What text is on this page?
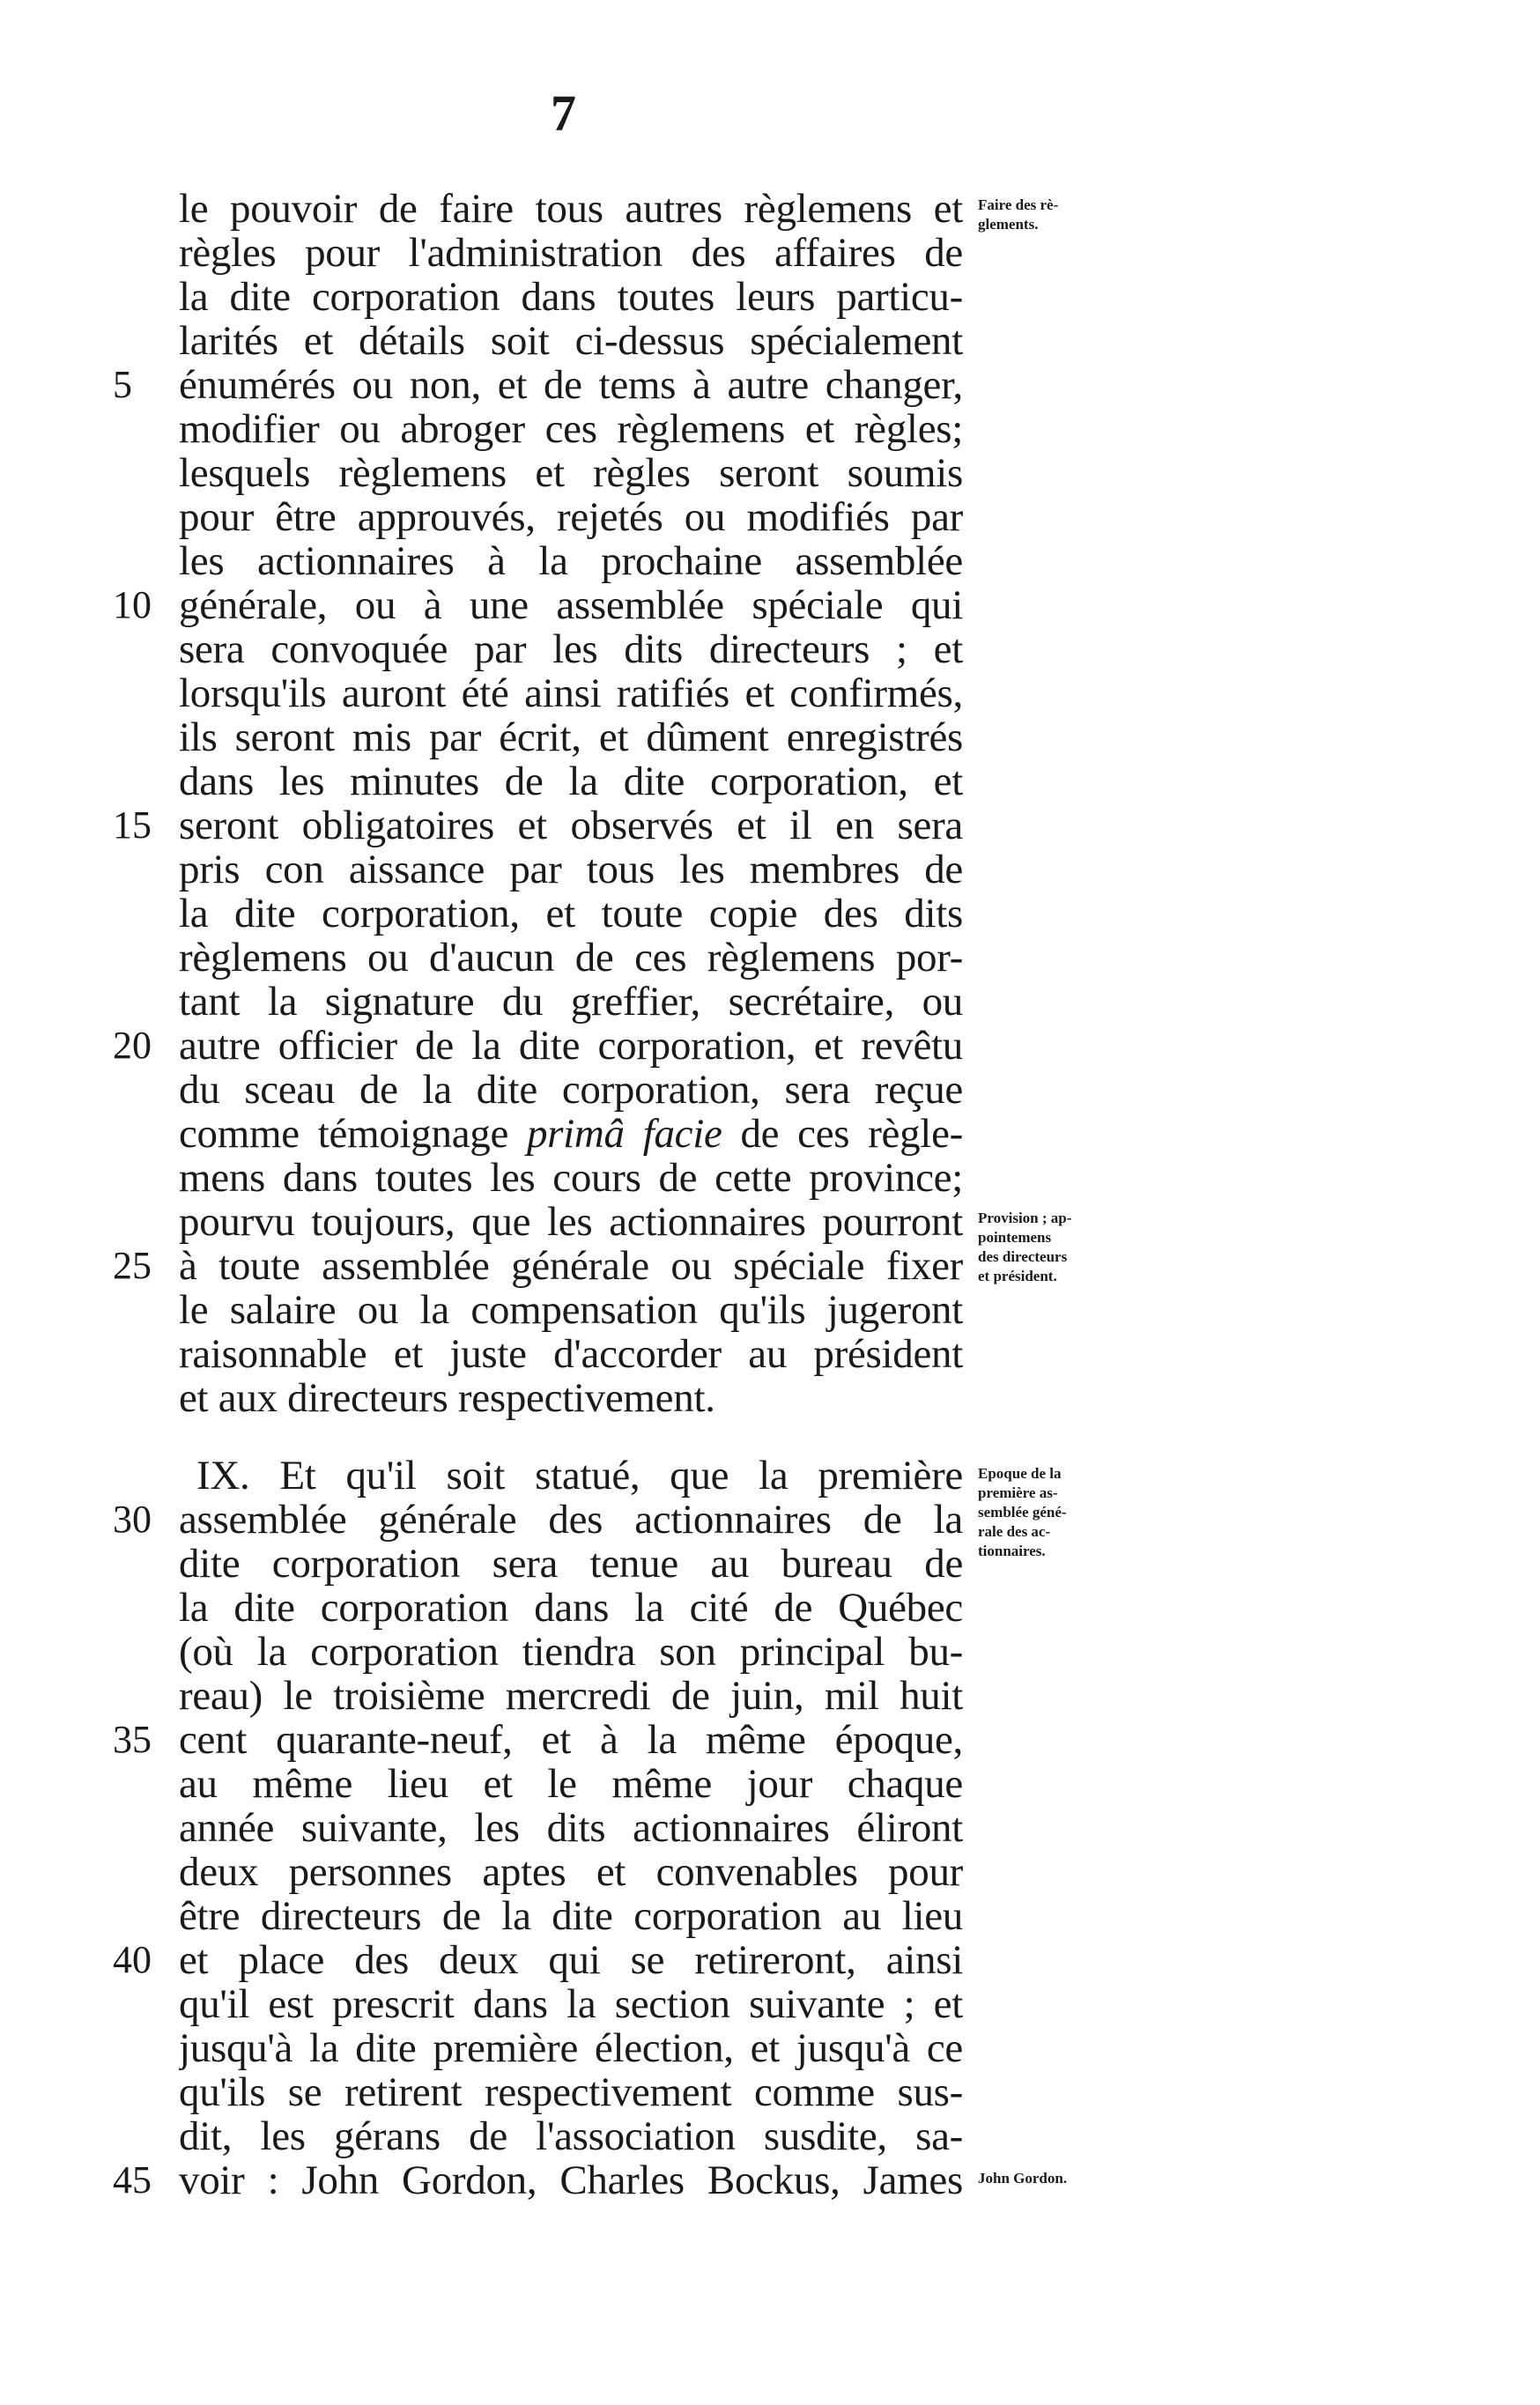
7
le pouvoir de faire tous autres règlemens et
règles pour l'administration des affaires de
la dite corporation dans toutes leurs particu-
larités et détails soit ci-dessus spécialement
énumérés ou non, et de tems à autre changer,
modifier ou abroger ces règlemens et règles;
lesquels règlemens et règles seront soumis
pour être approuvés, rejetés ou modifiés par
les actionnaires à la prochaine assemblée
générale, ou à une assemblée spéciale qui
sera convoquée par les dits directeurs ; et
lorsqu'ils auront été ainsi ratifiés et confirmés,
ils seront mis par écrit, et dûment enregistrés
dans les minutes de la dite corporation, et
seront obligatoires et observés et il en sera
pris con aissance par tous les membres de
la dite corporation, et toute copie des dits
règlemens ou d'aucun de ces règlemens por-
tant la signature du greffier, secrétaire, ou
autre officier de la dite corporation, et revêtu
du sceau de la dite corporation, sera reçue
comme témoignage primâ facie de ces règle-
mens dans toutes les cours de cette province;
pourvu toujours, que les actionnaires pourront
à toute assemblée générale ou spéciale fixer
le salaire ou la compensation qu'ils jugeront
raisonnable et juste d'accorder au président
et aux directeurs respectivement.
IX. Et qu'il soit statué, que la première
assemblée générale des actionnaires de la
dite corporation sera tenue au bureau de
la dite corporation dans la cité de Québec
(où la corporation tiendra son principal bu-
reau) le troisième mercredi de juin, mil huit
cent quarante-neuf, et à la même époque,
au même lieu et le même jour chaque
année suivante, les dits actionnaires éliront
deux personnes aptes et convenables pour
être directeurs de la dite corporation au lieu
et place des deux qui se retireront, ainsi
qu'il est prescrit dans la section suivante ; et
jusqu'à la dite première élection, et jusqu'à ce
qu'ils se retirent respectivement comme sus-
dit, les gérans de l'association susdite, sa-
voir : John Gordon, Charles Bockus, James
5
10
15
20
25
30
35
40
45
Faire des rè-
glements.
Provision ; ap-
pointemens
des directeurs
et président.
Epoque de la
première as-
semblée géné-
rale des ac-
tionnaires.
John Gordon.
